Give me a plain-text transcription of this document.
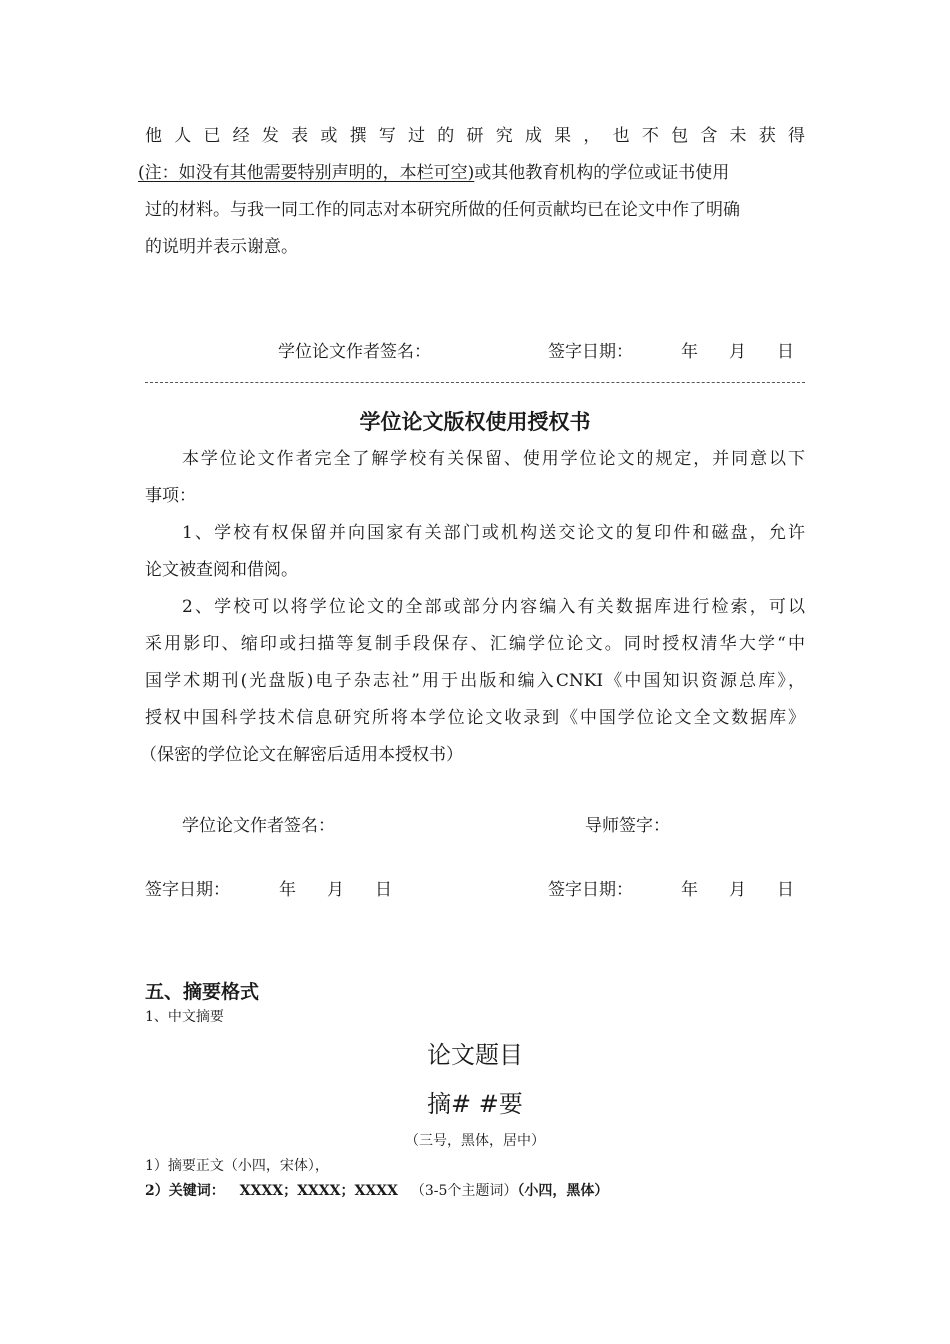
他人已经发表或撰写过的研究成果，也不包含未获得
(注：如没有其他需要特别声明的，本栏可空)或其他教育机构的学位或证书使用
过的材料。与我一同工作的同志对本研究所做的任何贡献均已在论文中作了明确
的说明并表示谢意。
学位论文作者签名：	签字日期：	年 月 日
学位论文版权使用授权书
本学位论文作者完全了解学校有关保留、使用学位论文的规定，并同意以下
事项：
1、学校有权保留并向国家有关部门或机构送交论文的复印件和磁盘，允许
论文被查阅和借阅。
2、学校可以将学位论文的全部或部分内容编入有关数据库进行检索，可以
采用影印、缩印或扫描等复制手段保存、汇编学位论文。同时授权清华大学“中
国学术期刊(光盘版)电子杂志社”用于出版和编入CNKI《中国知识资源总库》，
授权中国科学技术信息研究所将本学位论文收录到《中国学位论文全文数据库》
（保密的学位论文在解密后适用本授权书）
学位论文作者签名：	导师签字：
签字日期：	年 月 日	签字日期：	年 月 日
五、摘要格式
1、中文摘要
论文题目
摘# #要
（三号，黑体，居中）
1）摘要正文（小四，宋体），
2）关键词： XXXX；XXXX；XXXX （3-5个主题词）（小四，黑体）
